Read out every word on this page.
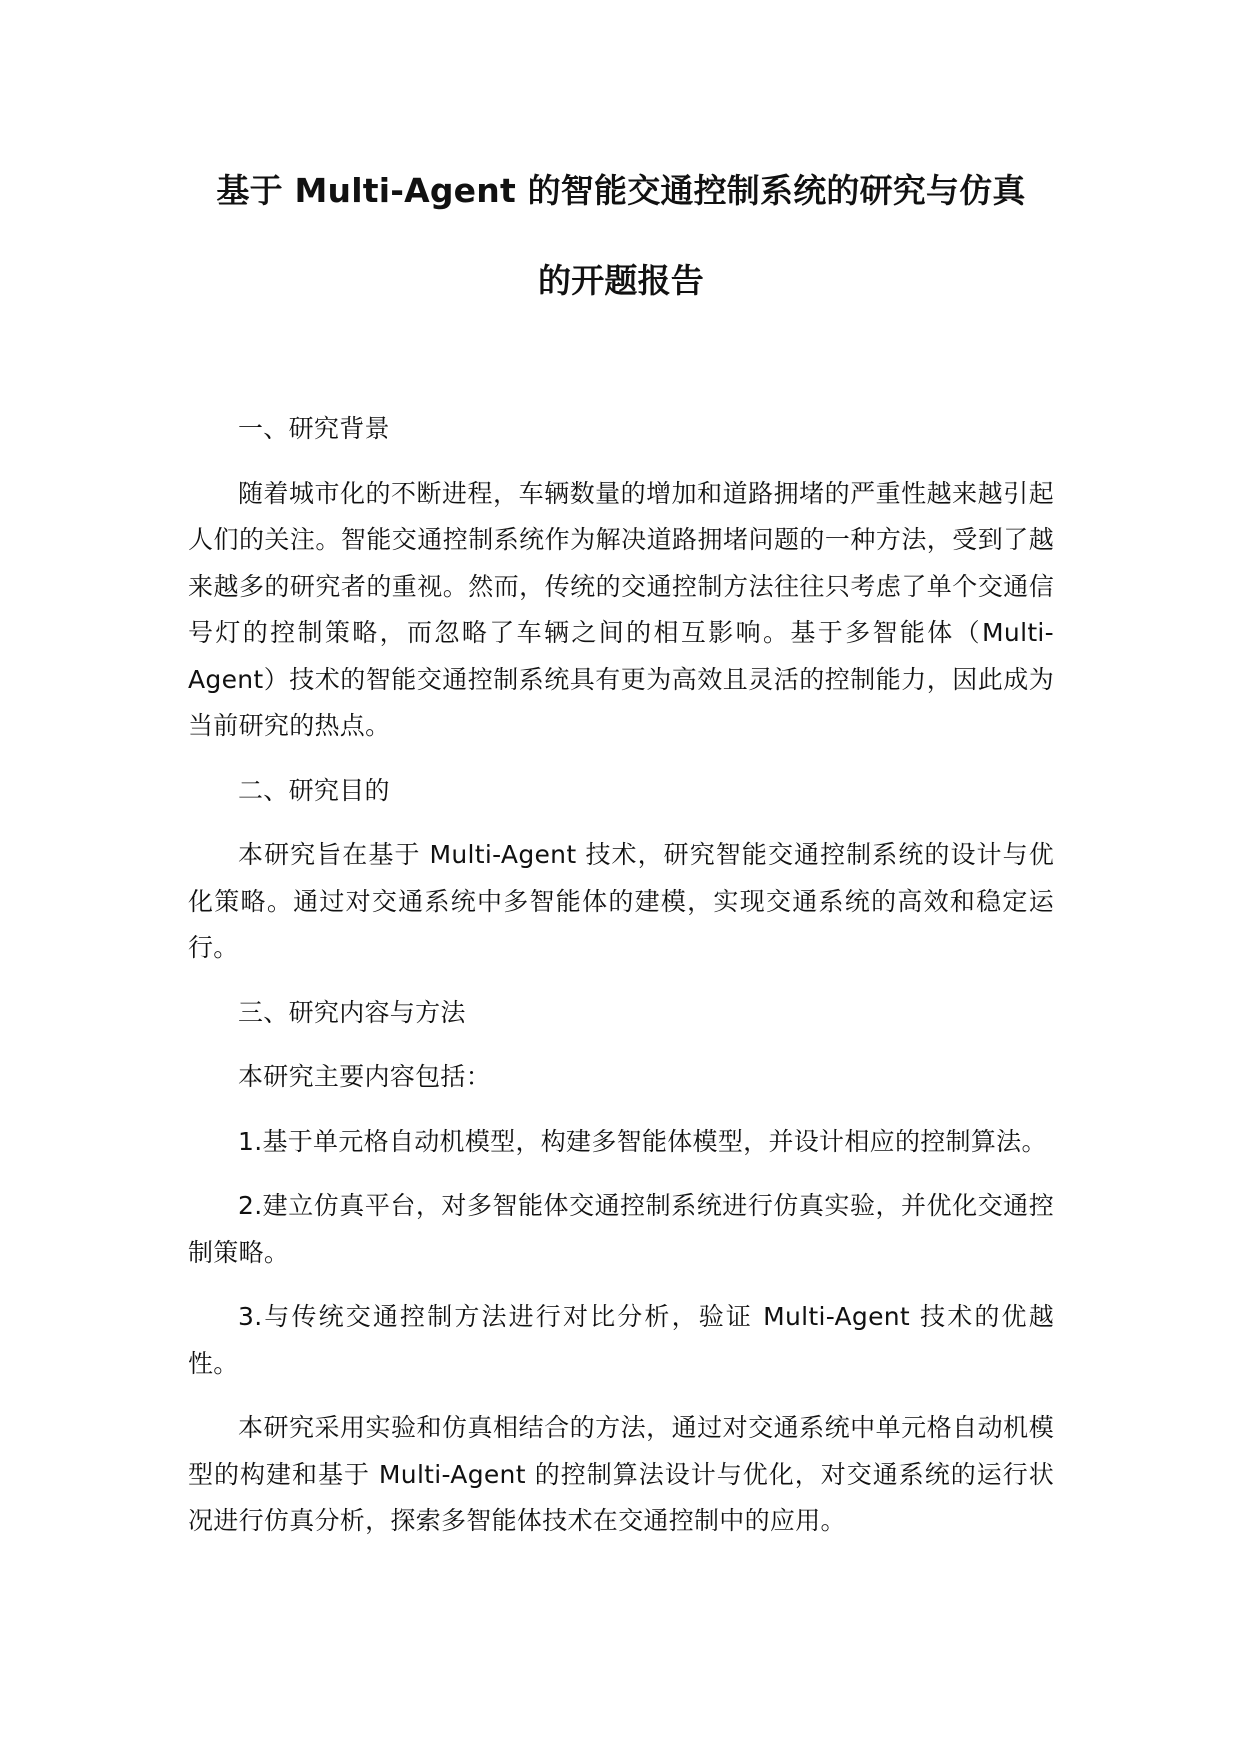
基于 Multi-Agent 的智能交通控制系统的研究与仿真
的开题报告

一、研究背景

随着城市化的不断进程，车辆数量的增加和道路拥堵的严重性越来越引起人们的关注。智能交通控制系统作为解决道路拥堵问题的一种方法，受到了越来越多的研究者的重视。然而，传统的交通控制方法往往只考虑了单个交通信号灯的控制策略，而忽略了车辆之间的相互影响。基于多智能体（Multi-Agent）技术的智能交通控制系统具有更为高效且灵活的控制能力，因此成为当前研究的热点。

二、研究目的

本研究旨在基于 Multi-Agent 技术，研究智能交通控制系统的设计与优化策略。通过对交通系统中多智能体的建模，实现交通系统的高效和稳定运行。

三、研究内容与方法

本研究主要内容包括：

1.基于单元格自动机模型，构建多智能体模型，并设计相应的控制算法。

2.建立仿真平台，对多智能体交通控制系统进行仿真实验，并优化交通控制策略。

3.与传统交通控制方法进行对比分析，验证 Multi-Agent 技术的优越性。

本研究采用实验和仿真相结合的方法，通过对交通系统中单元格自动机模型的构建和基于 Multi-Agent 的控制算法设计与优化，对交通系统的运行状况进行仿真分析，探索多智能体技术在交通控制中的应用。
